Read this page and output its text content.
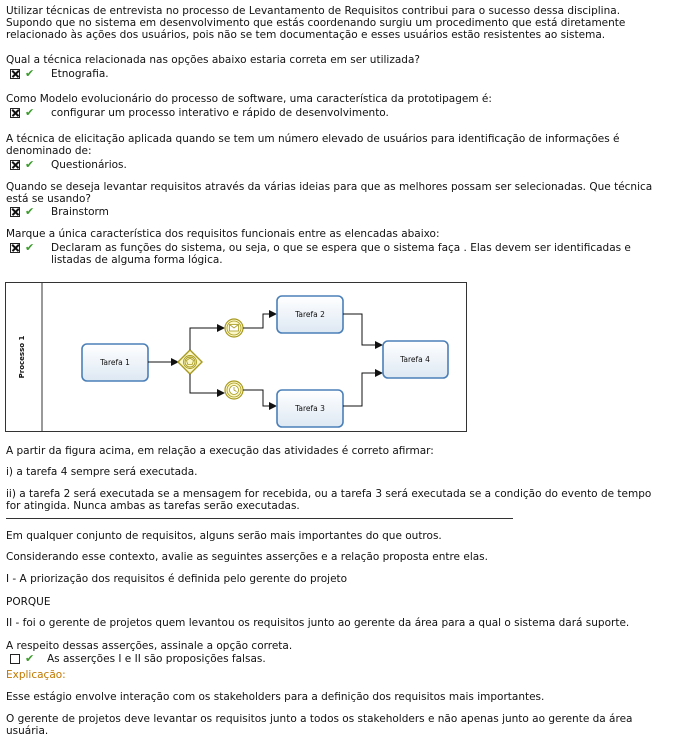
Utilizar técnicas de entrevista no processo de Levantamento de Requisitos contribui para o sucesso dessa disciplina. Supondo que no sistema em desenvolvimento que estás coordenando surgiu um procedimento que está diretamente relacionado às ações dos usuários, pois não se tem documentação e esses usuários estão resistentes ao sistema.
Qual a técnica relacionada nas opções abaixo estaria correta em ser utilizada?
✔ Etnografia.
Como Modelo evolucionário do processo de software, uma característica da prototipagem é:
✔ configurar um processo interativo e rápido de desenvolvimento.
A técnica de elicitação aplicada quando se tem um número elevado de usuários para identificação de informações é denominado de:
✔ Questionários.
Quando se deseja levantar requisitos através da várias ideias para que as melhores possam ser selecionadas. Que técnica está se usando?
✔ Brainstorm
Marque a única característica dos requisitos funcionais entre as elencadas abaixo:
✔ Declaram as funções do sistema, ou seja, o que se espera que o sistema faça . Elas devem ser identificadas e listadas de alguma forma lógica.
Processo 1	Tarefa 1
Tarefa 2
Tarefa 3
Tarefa 4
A partir da figura acima, em relação a execução das atividades é correto afirmar:
i) a tarefa 4 sempre será executada.
ii) a tarefa 2 será executada se a mensagem for recebida, ou a tarefa 3 será executada se a condição do evento de tempo for atingida. Nunca ambas as tarefas serão executadas.
Em qualquer conjunto de requisitos, alguns serão mais importantes do que outros.
Considerando esse contexto, avalie as seguintes asserções e a relação proposta entre elas.
I - A priorização dos requisitos é definida pelo gerente do projeto
PORQUE
II - foi o gerente de projetos quem levantou os requisitos junto ao gerente da área para a qual o sistema dará suporte.
A respeito dessas asserções, assinale a opção correta.
✔ As asserções I e II são proposições falsas.
Explicação:
Esse estágio envolve interação com os stakeholders para a definição dos requisitos mais importantes.
O gerente de projetos deve levantar os requisitos junto a todos os stakeholders e não apenas junto ao gerente da área usuária.
